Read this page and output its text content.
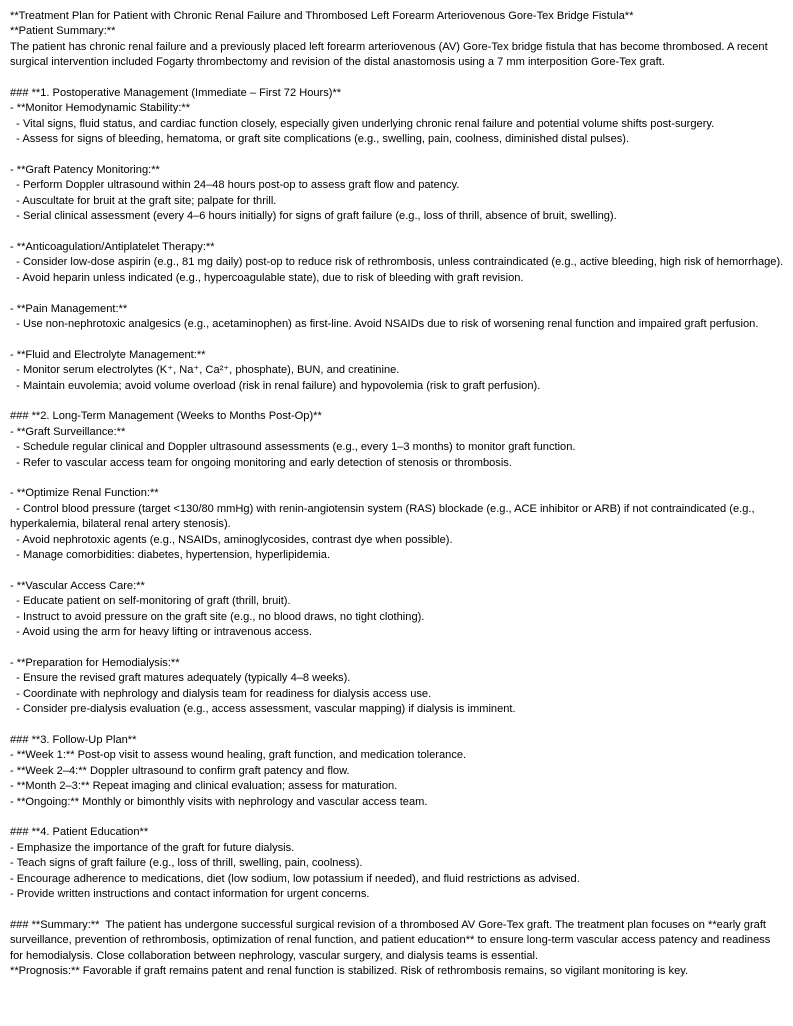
**Treatment Plan for Patient with Chronic Renal Failure and Thrombosed Left Forearm Arteriovenous Gore-Tex Bridge Fistula**

**Patient Summary:**

The patient has chronic renal failure and a previously placed left forearm arteriovenous (AV) Gore-Tex bridge fistula that has become thrombosed. A recent surgical intervention included Fogarty thrombectomy and revision of the distal anastomosis using a 7 mm interposition Gore-Tex graft.

### **1. Postoperative Management (Immediate – First 72 Hours)**

- **Monitor Hemodynamic Stability:**

- Vital signs, fluid status, and cardiac function closely, especially given underlying chronic renal failure and potential volume shifts post-surgery.

- Assess for signs of bleeding, hematoma, or graft site complications (e.g., swelling, pain, coolness, diminished distal pulses).

- **Graft Patency Monitoring:**

- Perform Doppler ultrasound within 24–48 hours post-op to assess graft flow and patency.

- Auscultate for bruit at the graft site; palpate for thrill.

- Serial clinical assessment (every 4–6 hours initially) for signs of graft failure (e.g., loss of thrill, absence of bruit, swelling).

- **Anticoagulation/Antiplatelet Therapy:**

- Consider low-dose aspirin (e.g., 81 mg daily) post-op to reduce risk of rethrombosis, unless contraindicated (e.g., active bleeding, high risk of hemorrhage).

- Avoid heparin unless indicated (e.g., hypercoagulable state), due to risk of bleeding with graft revision.

- **Pain Management:**

- Use non-nephrotoxic analgesics (e.g., acetaminophen) as first-line. Avoid NSAIDs due to risk of worsening renal function and impaired graft perfusion.

- **Fluid and Electrolyte Management:**

- Monitor serum electrolytes (K⁺, Na⁺, Ca²⁺, phosphate), BUN, and creatinine.

- Maintain euvolemia; avoid volume overload (risk in renal failure) and hypovolemia (risk to graft perfusion).

### **2. Long-Term Management (Weeks to Months Post-Op)**

- **Graft Surveillance:**

- Schedule regular clinical and Doppler ultrasound assessments (e.g., every 1–3 months) to monitor graft function.

- Refer to vascular access team for ongoing monitoring and early detection of stenosis or thrombosis.

- **Optimize Renal Function:**

- Control blood pressure (target <130/80 mmHg) with renin-angiotensin system (RAS) blockade (e.g., ACE inhibitor or ARB) if not contraindicated (e.g., hyperkalemia, bilateral renal artery stenosis).

- Avoid nephrotoxic agents (e.g., NSAIDs, aminoglycosides, contrast dye when possible).

- Manage comorbidities: diabetes, hypertension, hyperlipidemia.

- **Vascular Access Care:**

- Educate patient on self-monitoring of graft (thrill, bruit).

- Instruct to avoid pressure on the graft site (e.g., no blood draws, no tight clothing).

- Avoid using the arm for heavy lifting or intravenous access.

- **Preparation for Hemodialysis:**

- Ensure the revised graft matures adequately (typically 4–8 weeks).

- Coordinate with nephrology and dialysis team for readiness for dialysis access use.

- Consider pre-dialysis evaluation (e.g., access assessment, vascular mapping) if dialysis is imminent.

### **3. Follow-Up Plan**

- **Week 1:** Post-op visit to assess wound healing, graft function, and medication tolerance.

- **Week 2–4:** Doppler ultrasound to confirm graft patency and flow.

- **Month 2–3:** Repeat imaging and clinical evaluation; assess for maturation.

- **Ongoing:** Monthly or bimonthly visits with nephrology and vascular access team.

### **4. Patient Education**

- Emphasize the importance of the graft for future dialysis.

- Teach signs of graft failure (e.g., loss of thrill, swelling, pain, coolness).

- Encourage adherence to medications, diet (low sodium, low potassium if needed), and fluid restrictions as advised.

- Provide written instructions and contact information for urgent concerns.

### **Summary:**  The patient has undergone successful surgical revision of a thrombosed AV Gore-Tex graft. The treatment plan focuses on **early graft surveillance, prevention of rethrombosis, optimization of renal function, and patient education** to ensure long-term vascular access patency and readiness for hemodialysis. Close collaboration between nephrology, vascular surgery, and dialysis teams is essential.

**Prognosis:** Favorable if graft remains patent and renal function is stabilized. Risk of rethrombosis remains, so vigilant monitoring is key.
